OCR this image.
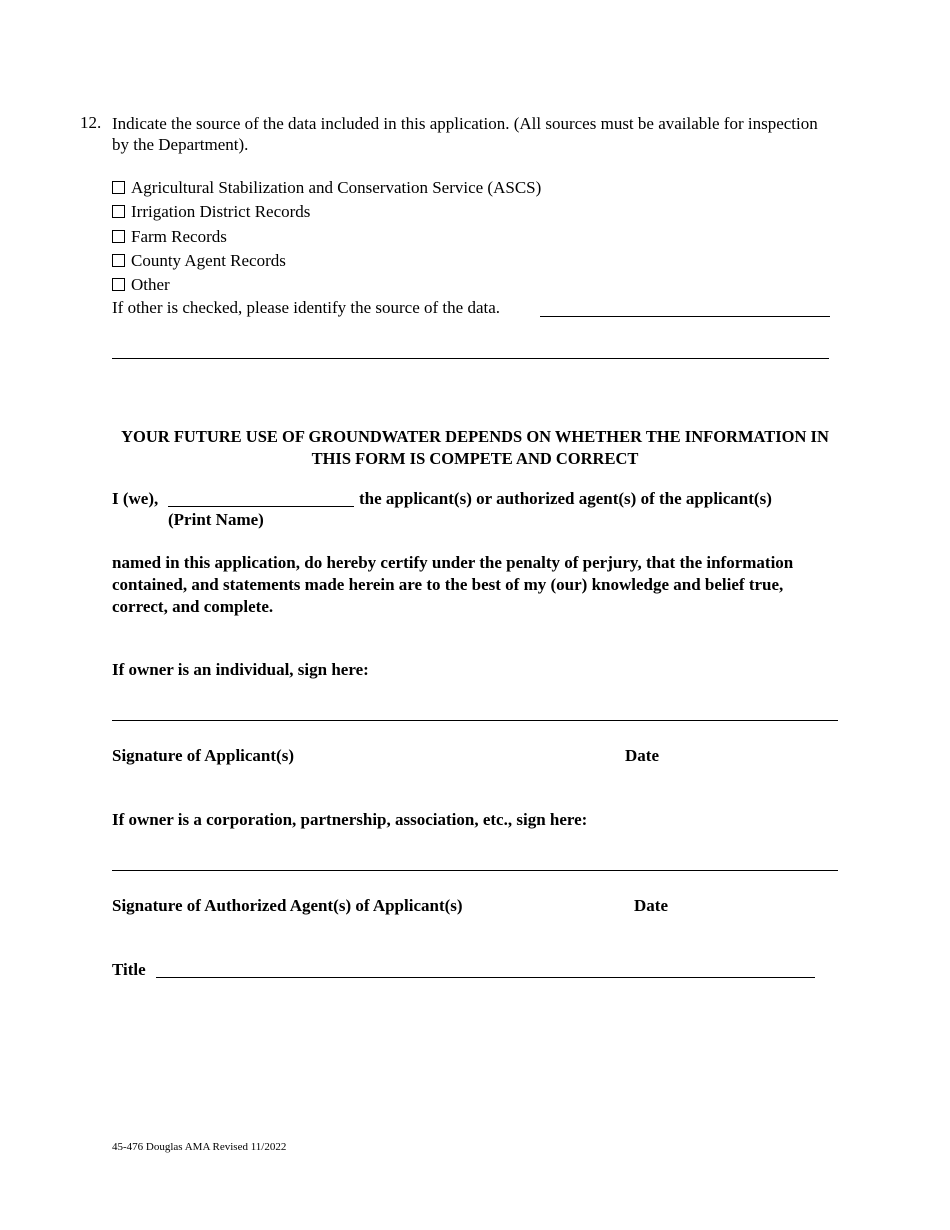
12. Indicate the source of the data included in this application. (All sources must be available for inspection by the Department).
Agricultural Stabilization and Conservation Service (ASCS)
Irrigation District Records
Farm Records
County Agent Records
Other
If other is checked, please identify the source of the data.
YOUR FUTURE USE OF GROUNDWATER DEPENDS ON WHETHER THE INFORMATION IN THIS FORM IS COMPETE AND CORRECT
I (we),	the applicant(s) or authorized agent(s) of the applicant(s)
(Print Name)
named in this application, do hereby certify under the penalty of perjury, that the information contained, and statements made herein are to the best of my (our) knowledge and belief true, correct, and complete.
If owner is an individual, sign here:
Signature of Applicant(s)	Date
If owner is a corporation, partnership, association, etc., sign here:
Signature of Authorized Agent(s) of Applicant(s)	Date
Title
45-476 Douglas AMA Revised 11/2022
